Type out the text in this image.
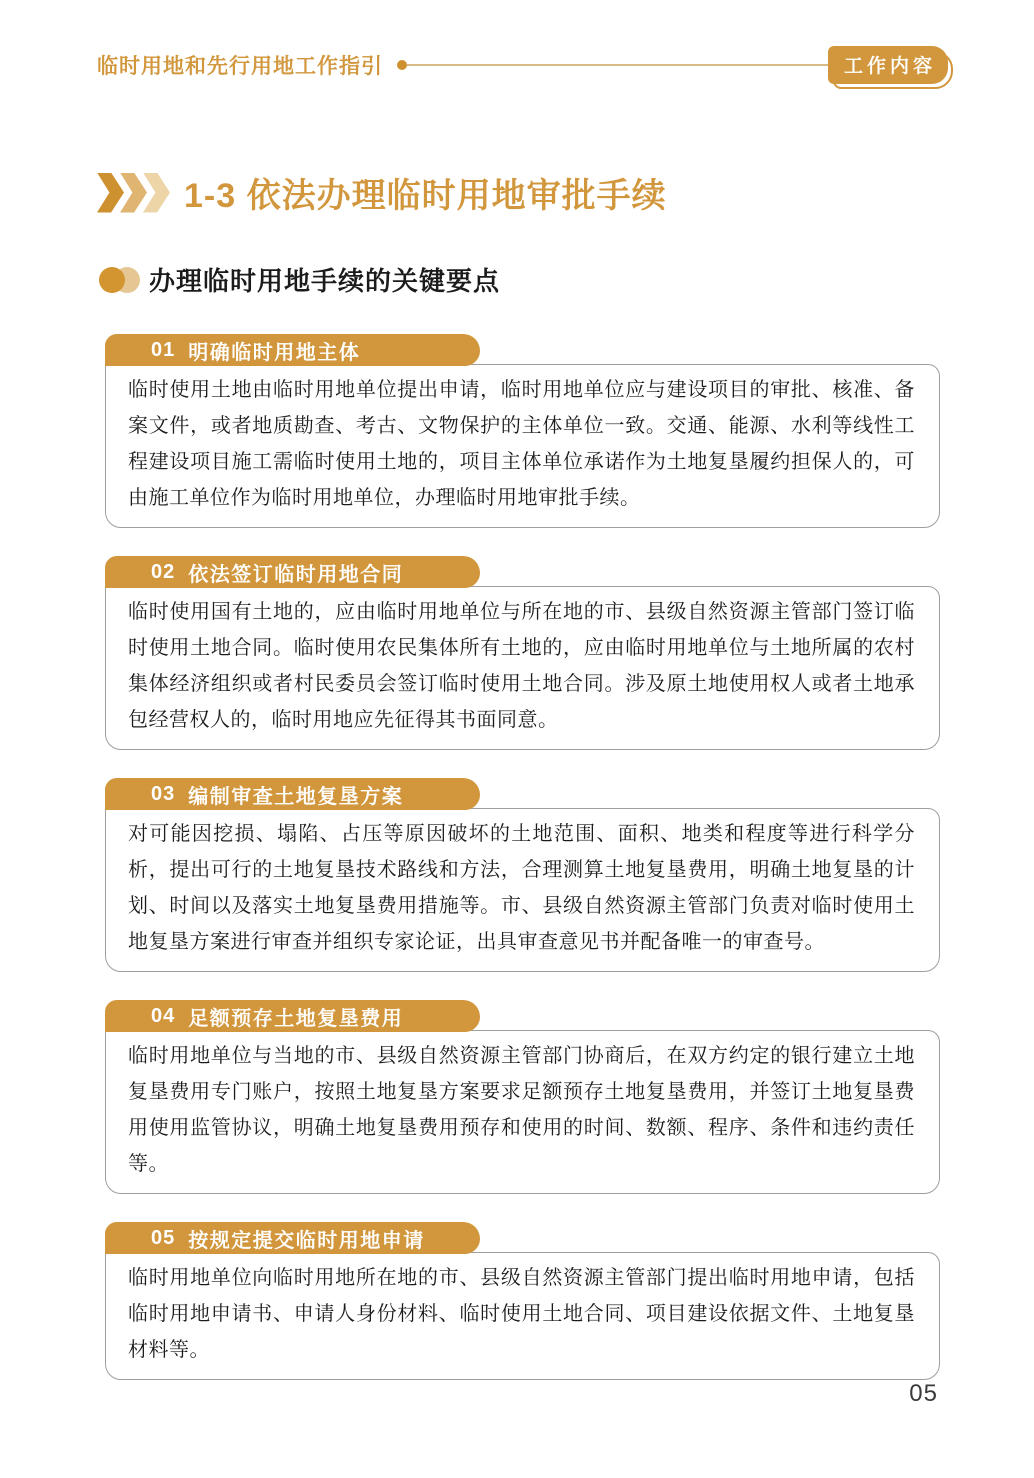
临时用地和先行用地工作指引	工作内容
1-3 依法办理临时用地审批手续
办理临时用地手续的关键要点
01 明确临时用地主体

临时使用土地由临时用地单位提出申请，临时用地单位应与建设项目的审批、核准、备案文件，或者地质勘查、考古、文物保护的主体单位一致。交通、能源、水利等线性工程建设项目施工需临时使用土地的，项目主体单位承诺作为土地复垦履约担保人的，可由施工单位作为临时用地单位，办理临时用地审批手续。

02 依法签订临时用地合同

临时使用国有土地的，应由临时用地单位与所在地的市、县级自然资源主管部门签订临时使用土地合同。临时使用农民集体所有土地的，应由临时用地单位与土地所属的农村集体经济组织或者村民委员会签订临时使用土地合同。涉及原土地使用权人或者土地承包经营权人的，临时用地应先征得其书面同意。

03 编制审查土地复垦方案

对可能因挖损、塌陷、占压等原因破坏的土地范围、面积、地类和程度等进行科学分析，提出可行的土地复垦技术路线和方法，合理测算土地复垦费用，明确土地复垦的计划、时间以及落实土地复垦费用措施等。市、县级自然资源主管部门负责对临时使用土地复垦方案进行审查并组织专家论证，出具审查意见书并配备唯一的审查号。

04 足额预存土地复垦费用

临时用地单位与当地的市、县级自然资源主管部门协商后，在双方约定的银行建立土地复垦费用专门账户，按照土地复垦方案要求足额预存土地复垦费用，并签订土地复垦费用使用监管协议，明确土地复垦费用预存和使用的时间、数额、程序、条件和违约责任等。

05 按规定提交临时用地申请

临时用地单位向临时用地所在地的市、县级自然资源主管部门提出临时用地申请，包括临时用地申请书、申请人身份材料、临时使用土地合同、项目建设依据文件、土地复垦材料等。

05
